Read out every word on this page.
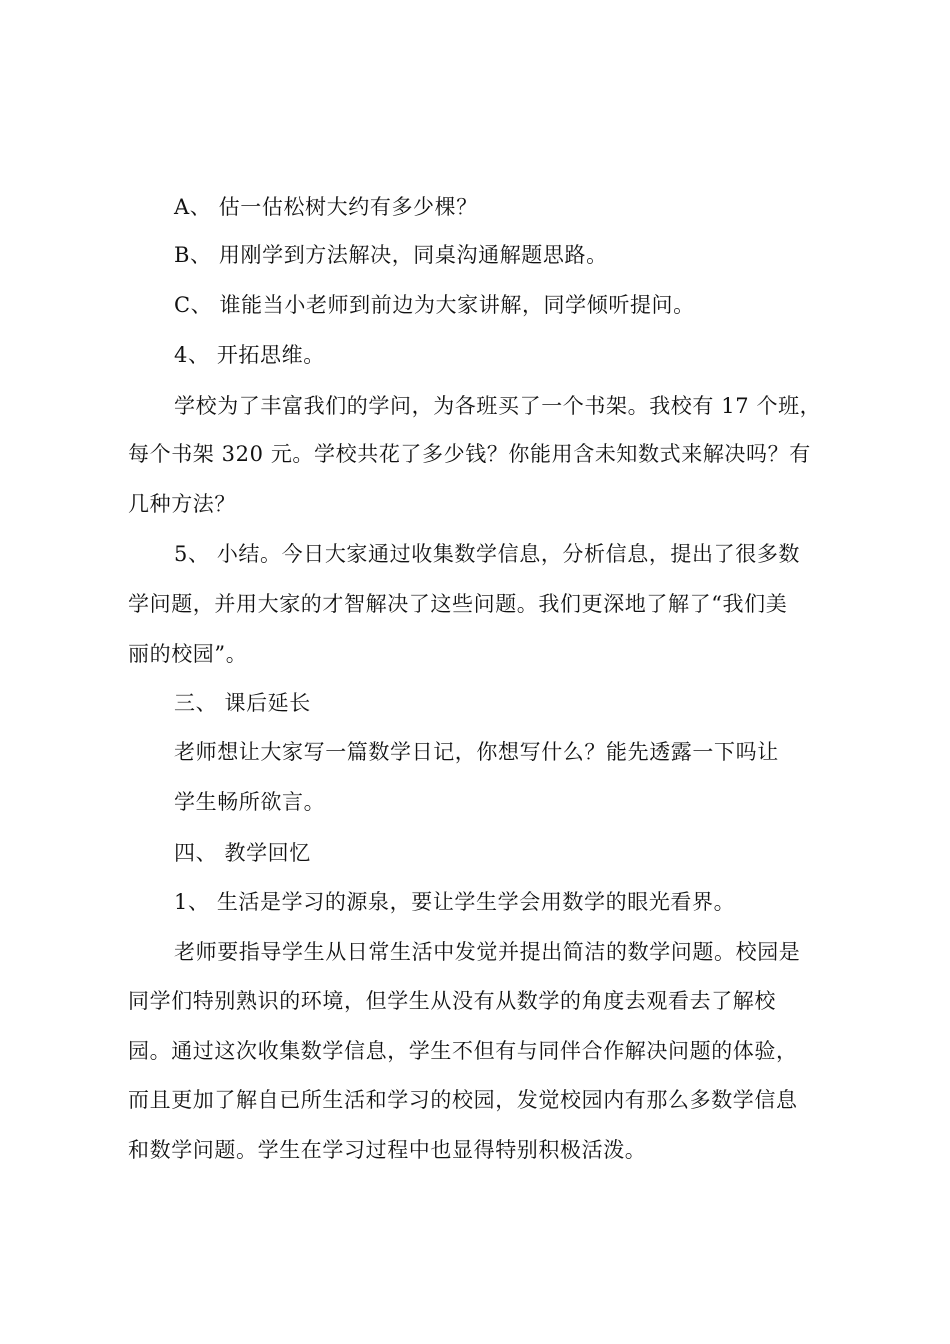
A、 估一估松树大约有多少棵？
B、 用刚学到方法解决，同桌沟通解题思路。
C、 谁能当小老师到前边为大家讲解，同学倾听提问。
4、 开拓思维。
学校为了丰富我们的学问，为各班买了一个书架。我校有 17 个班，
每个书架 320 元。学校共花了多少钱？你能用含未知数式来解决吗？有
几种方法？
5、 小结。今日大家通过收集数学信息，分析信息，提出了很多数
学问题，并用大家的才智解决了这些问题。我们更深地了解了“我们美
丽的校园”。
三、 课后延长
老师想让大家写一篇数学日记，你想写什么？能先透露一下吗让
学生畅所欲言。
四、 教学回忆
1、 生活是学习的源泉，要让学生学会用数学的眼光看界。
老师要指导学生从日常生活中发觉并提出简洁的数学问题。校园是
同学们特别熟识的环境，但学生从没有从数学的角度去观看去了解校
园。通过这次收集数学信息，学生不但有与同伴合作解决问题的体验，
而且更加了解自已所生活和学习的校园，发觉校园内有那么多数学信息
和数学问题。学生在学习过程中也显得特别积极活泼。
